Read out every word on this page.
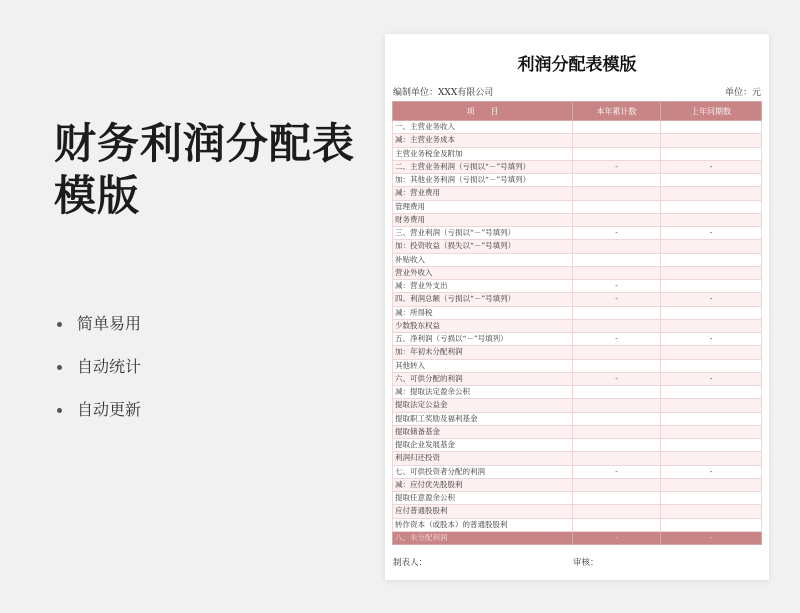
财务利润分配表模版
简单易用
自动统计
自动更新
利润分配表模版
编制单位：XXX有限公司	单位：元
项　　目	本年累计数	上年同期数
一、主营业务收入		
减：主营业务成本		
主营业务税金及附加		
二、主营业务利润（亏损以“－”号填列）	-	-
加：其他业务利润（亏损以“－”号填列）		
减：营业费用		
管理费用		
财务费用		
三、营业利润（亏损以“－”号填列）	-	-
加：投资收益（损失以“－”号填列）		
补贴收入		
营业外收入		
减：营业外支出	-	
四、利润总额（亏损以“－”号填列）	-	-
减：所得税		
少数股东权益		
五、净利润（亏损以“－”号填列）	-	-
加：年初未分配利润		
其他转入		
六、可供分配的利润	-	-
减：提取法定盈余公积		
提取法定公益金		
提取职工奖励及福利基金		
提取储备基金		
提取企业发展基金		
利润归还投资		
七、可供投资者分配的利润	-	-
减：应付优先股股利		
提取任意盈余公积		
应付普通股股利		
转作资本（或股本）的普通股股利		
八、未分配利润	-	-
制表人：	审核：
